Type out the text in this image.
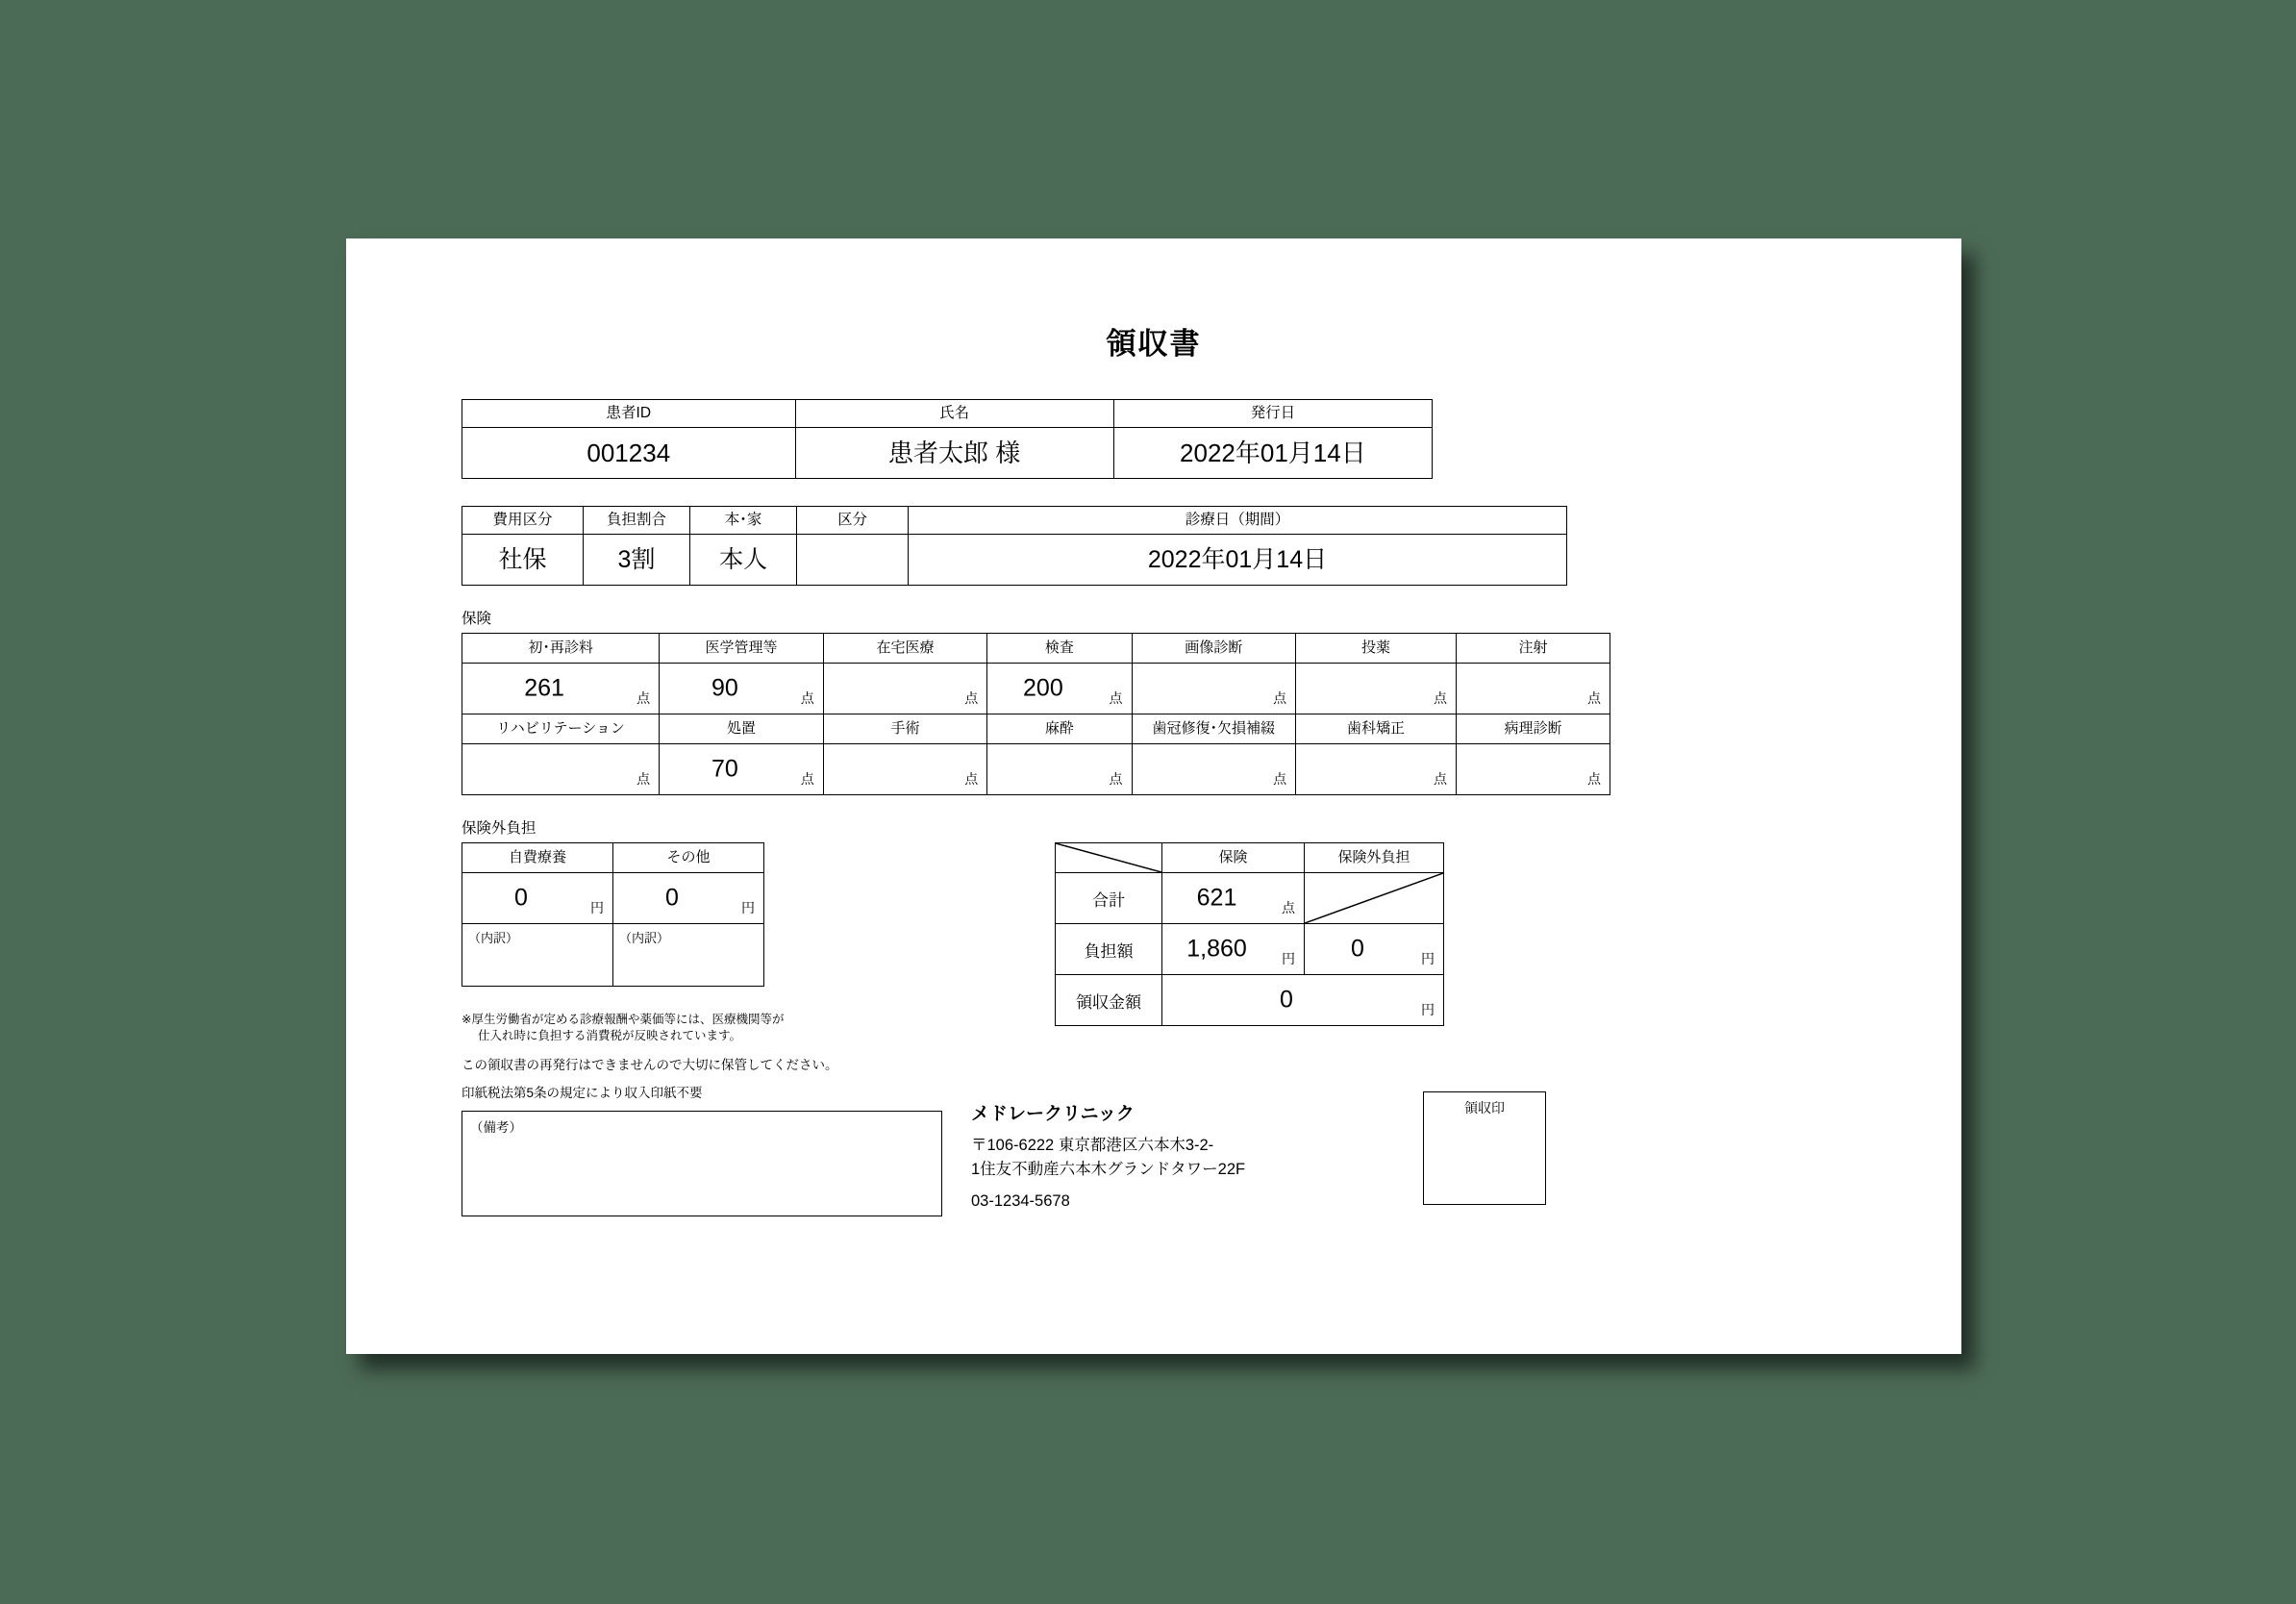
領収書
患者ID	氏名	発行日
001234	患者太郎 様	2022年01月14日
費用区分	負担割合	本･家	区分	診療日（期間）
社保	3割	本人		2022年01月14日
保険
初･再診料	医学管理等	在宅医療	検査	画像診断	投薬	注射

261 点	90 点	点	200 点	点	点	点

リハビリテーション	処置	手術	麻酔	歯冠修復･欠損補綴	歯科矯正	病理診断

点	70 点	点	点	点	点	点
保険外負担
自費療養	その他

0 円	0 円

（内訳）	（内訳）
	保険	保険外負担
合計	621 点

負担額	1,860 円	0 円

領収金額	0 円	
※厚生労働省が定める診療報酬や薬価等には、医療機関等が
仕入れ時に負担する消費税が反映されています。
この領収書の再発行はできませんので大切に保管してください。
印紙税法第5条の規定により収入印紙不要
（備考）
メドレークリニック
〒106-6222 東京都港区六本木3-2-
1住友不動産六本木グランドタワー22F
03-1234-5678
領収印
